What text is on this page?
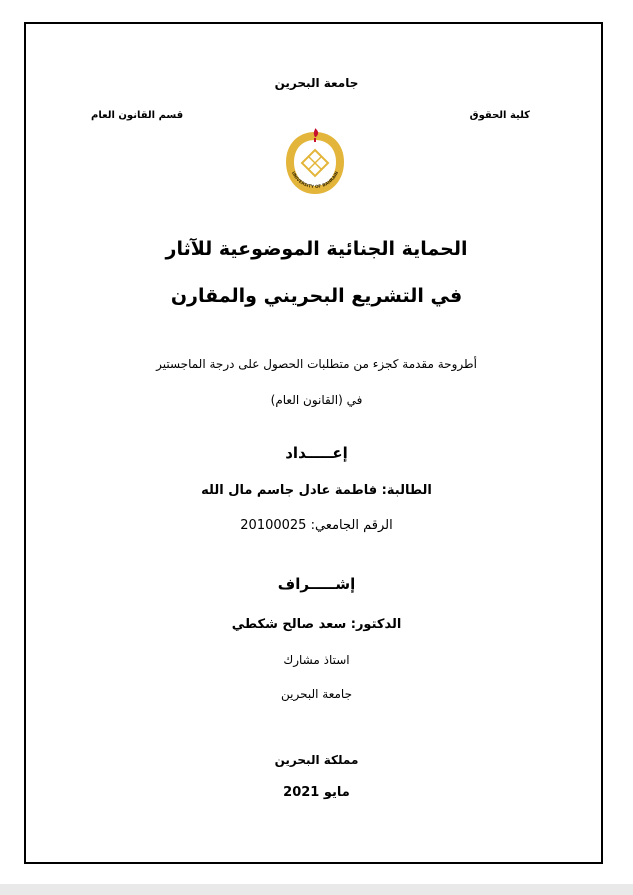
جامعة البحرين
كلية الحقوق
قسم القانون العام
UNIVERSITY OF BAHRAIN
الحماية الجنائية الموضوعية للآثار
في التشريع البحريني والمقارن
أطروحة مقدمة كجزء من متطلبات الحصول على درجة الماجستير
في (القانون العام)
إعـــــداد
الطالبة: فاطمة عادل جاسم مال الله
الرقم الجامعي: 20100025
إشـــــراف
الدكتور: سعد صالح شكطي
استاذ مشارك
جامعة البحرين
مملكة البحرين
مايو 2021
